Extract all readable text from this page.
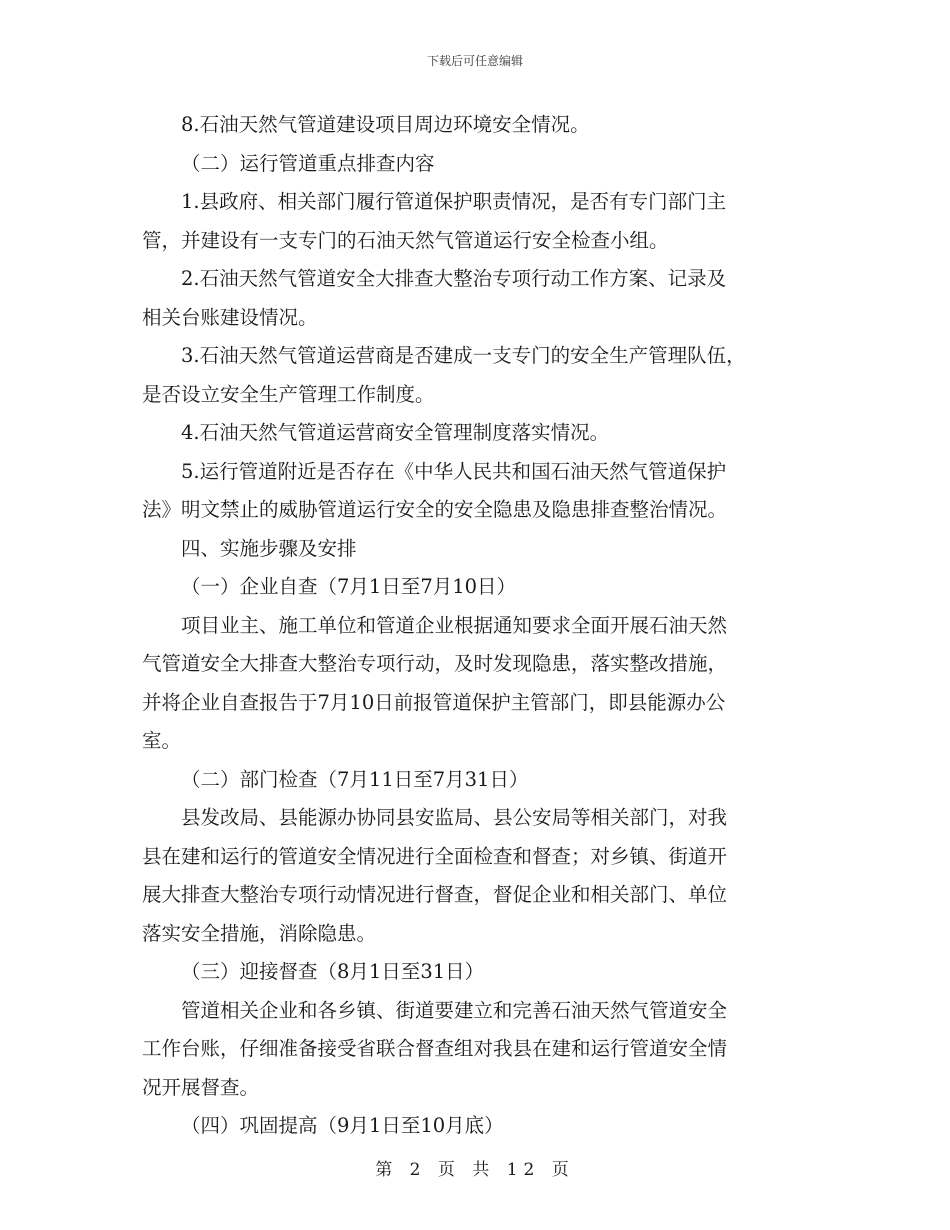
下载后可任意编辑
8.石油天然气管道建设项目周边环境安全情况。
（二）运行管道重点排查内容
1.县政府、相关部门履行管道保护职责情况，是否有专门部门主
管，并建设有一支专门的石油天然气管道运行安全检查小组。
2.石油天然气管道安全大排查大整治专项行动工作方案、记录及
相关台账建设情况。
3.石油天然气管道运营商是否建成一支专门的安全生产管理队伍，
是否设立安全生产管理工作制度。
4.石油天然气管道运营商安全管理制度落实情况。
5.运行管道附近是否存在《中华人民共和国石油天然气管道保护
法》明文禁止的威胁管道运行安全的安全隐患及隐患排查整治情况。
四、实施步骤及安排
（一）企业自查（7月1日至7月10日）
项目业主、施工单位和管道企业根据通知要求全面开展石油天然
气管道安全大排查大整治专项行动，及时发现隐患，落实整改措施，
并将企业自查报告于7月10日前报管道保护主管部门，即县能源办公
室。
（二）部门检查（7月11日至7月31日）
县发改局、县能源办协同县安监局、县公安局等相关部门，对我
县在建和运行的管道安全情况进行全面检查和督查；对乡镇、街道开
展大排查大整治专项行动情况进行督查，督促企业和相关部门、单位
落实安全措施，消除隐患。
（三）迎接督查（8月1日至31日）
管道相关企业和各乡镇、街道要建立和完善石油天然气管道安全
工作台账，仔细准备接受省联合督查组对我县在建和运行管道安全情
况开展督查。
（四）巩固提高（9月1日至10月底）
第 2 页 共 12 页
